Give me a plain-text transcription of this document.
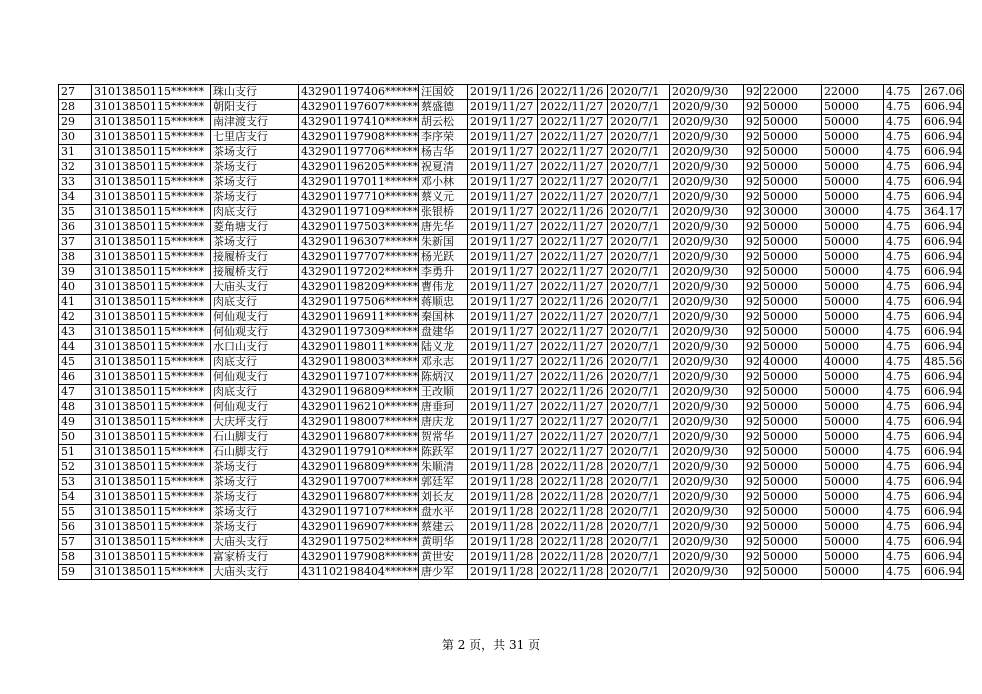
27	31013850115******	珠山支行	432901197406******	汪国姣	2019/11/26	2022/11/26	2020/7/1	2020/9/30	92	22000	22000	4.75	267.06
28	31013850115******	朝阳支行	432901197607******	蔡盛德	2019/11/27	2022/11/27	2020/7/1	2020/9/30	92	50000	50000	4.75	606.94
29	31013850115******	南津渡支行	432901197410******	胡云松	2019/11/27	2022/11/27	2020/7/1	2020/9/30	92	50000	50000	4.75	606.94
30	31013850115******	七里店支行	432901197908******	李序荣	2019/11/27	2022/11/27	2020/7/1	2020/9/30	92	50000	50000	4.75	606.94
31	31013850115******	茶场支行	432901197706******	杨吉华	2019/11/27	2022/11/27	2020/7/1	2020/9/30	92	50000	50000	4.75	606.94
32	31013850115******	茶场支行	432901196205******	祝夏清	2019/11/27	2022/11/27	2020/7/1	2020/9/30	92	50000	50000	4.75	606.94
33	31013850115******	茶场支行	432901197011******	邓小林	2019/11/27	2022/11/27	2020/7/1	2020/9/30	92	50000	50000	4.75	606.94
34	31013850115******	茶场支行	432901197710******	蔡义元	2019/11/27	2022/11/27	2020/7/1	2020/9/30	92	50000	50000	4.75	606.94
35	31013850115******	肉底支行	432901197109******	张银桥	2019/11/27	2022/11/26	2020/7/1	2020/9/30	92	30000	30000	4.75	364.17
36	31013850115******	菱角塘支行	432901197503******	唐先华	2019/11/27	2022/11/27	2020/7/1	2020/9/30	92	50000	50000	4.75	606.94
37	31013850115******	茶场支行	432901196307******	朱新国	2019/11/27	2022/11/27	2020/7/1	2020/9/30	92	50000	50000	4.75	606.94
38	31013850115******	接履桥支行	432901197707******	杨光跃	2019/11/27	2022/11/27	2020/7/1	2020/9/30	92	50000	50000	4.75	606.94
39	31013850115******	接履桥支行	432901197202******	李勇升	2019/11/27	2022/11/27	2020/7/1	2020/9/30	92	50000	50000	4.75	606.94
40	31013850115******	大庙头支行	432901198209******	曹伟龙	2019/11/27	2022/11/27	2020/7/1	2020/9/30	92	50000	50000	4.75	606.94
41	31013850115******	肉底支行	432901197506******	蒋顺忠	2019/11/27	2022/11/26	2020/7/1	2020/9/30	92	50000	50000	4.75	606.94
42	31013850115******	何仙观支行	432901196911******	秦国林	2019/11/27	2022/11/27	2020/7/1	2020/9/30	92	50000	50000	4.75	606.94
43	31013850115******	何仙观支行	432901197309******	盘建华	2019/11/27	2022/11/27	2020/7/1	2020/9/30	92	50000	50000	4.75	606.94
44	31013850115******	水口山支行	432901198011******	陆义龙	2019/11/27	2022/11/27	2020/7/1	2020/9/30	92	50000	50000	4.75	606.94
45	31013850115******	肉底支行	432901198003******	邓永志	2019/11/27	2022/11/26	2020/7/1	2020/9/30	92	40000	40000	4.75	485.56
46	31013850115******	何仙观支行	432901197107******	陈炳汉	2019/11/27	2022/11/26	2020/7/1	2020/9/30	92	50000	50000	4.75	606.94
47	31013850115******	肉底支行	432901196809******	王改顺	2019/11/27	2022/11/26	2020/7/1	2020/9/30	92	50000	50000	4.75	606.94
48	31013850115******	何仙观支行	432901196210******	唐垂珂	2019/11/27	2022/11/27	2020/7/1	2020/9/30	92	50000	50000	4.75	606.94
49	31013850115******	大庆坪支行	432901198007******	唐庆龙	2019/11/27	2022/11/27	2020/7/1	2020/9/30	92	50000	50000	4.75	606.94
50	31013850115******	石山脚支行	432901196807******	贺常华	2019/11/27	2022/11/27	2020/7/1	2020/9/30	92	50000	50000	4.75	606.94
51	31013850115******	石山脚支行	432901197910******	陈跃军	2019/11/27	2022/11/27	2020/7/1	2020/9/30	92	50000	50000	4.75	606.94
52	31013850115******	茶场支行	432901196809******	朱顺清	2019/11/28	2022/11/28	2020/7/1	2020/9/30	92	50000	50000	4.75	606.94
53	31013850115******	茶场支行	432901197007******	郭廷军	2019/11/28	2022/11/28	2020/7/1	2020/9/30	92	50000	50000	4.75	606.94
54	31013850115******	茶场支行	432901196807******	刘长友	2019/11/28	2022/11/28	2020/7/1	2020/9/30	92	50000	50000	4.75	606.94
55	31013850115******	茶场支行	432901197107******	盘水平	2019/11/28	2022/11/28	2020/7/1	2020/9/30	92	50000	50000	4.75	606.94
56	31013850115******	茶场支行	432901196907******	蔡建云	2019/11/28	2022/11/28	2020/7/1	2020/9/30	92	50000	50000	4.75	606.94
57	31013850115******	大庙头支行	432901197502******	黄明华	2019/11/28	2022/11/28	2020/7/1	2020/9/30	92	50000	50000	4.75	606.94
58	31013850115******	富家桥支行	432901197908******	黄世安	2019/11/28	2022/11/28	2020/7/1	2020/9/30	92	50000	50000	4.75	606.94
59	31013850115******	大庙头支行	431102198404******	唐少军	2019/11/28	2022/11/28	2020/7/1	2020/9/30	92	50000	50000	4.75	606.94
第 2 页，共 31 页
